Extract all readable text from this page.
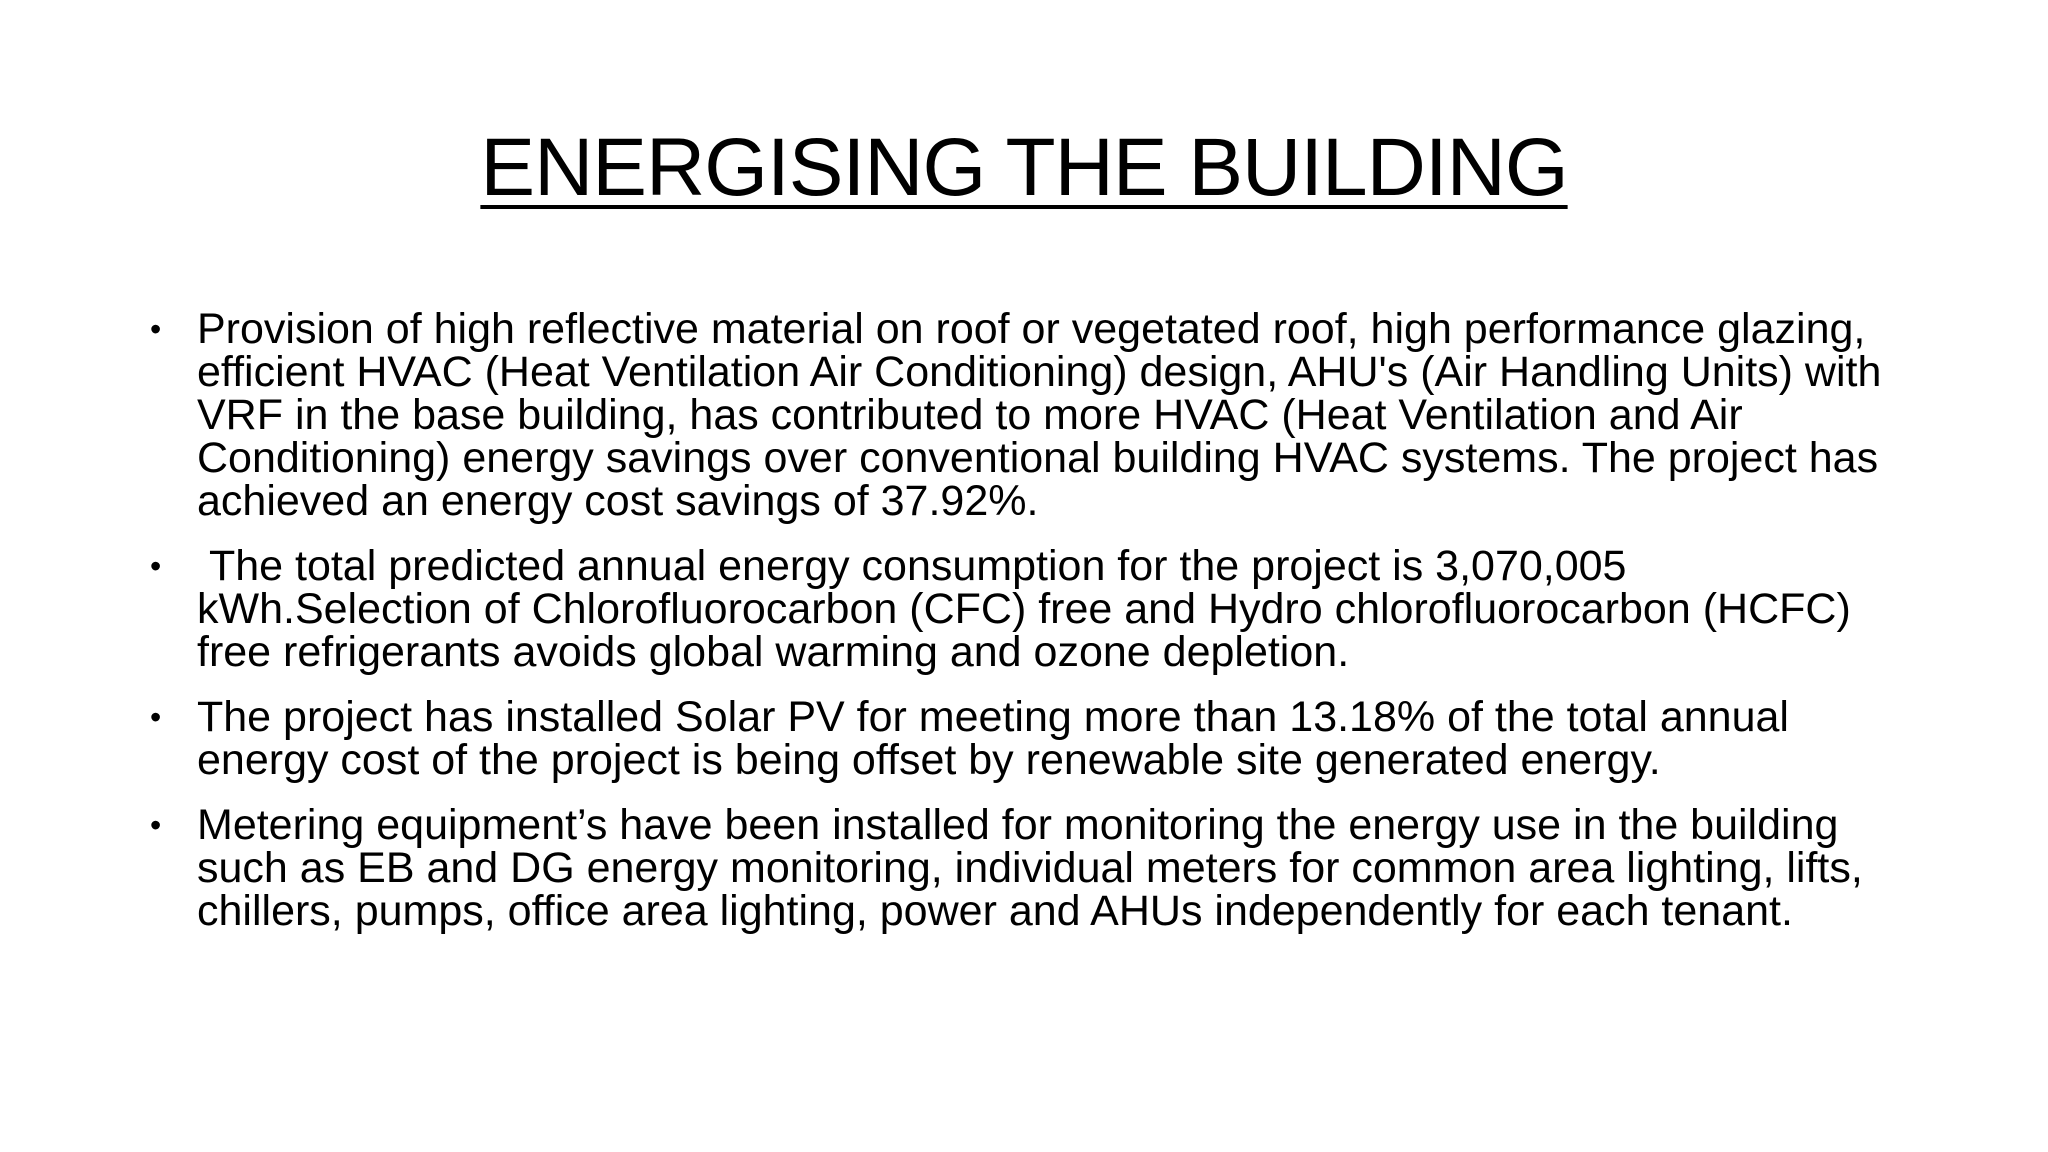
ENERGISING THE BUILDING
• Provision of high reflective material on roof or vegetated roof, high performance glazing, efficient HVAC (Heat Ventilation Air Conditioning) design, AHU's (Air Handling Units) with VRF in the base building, has contributed to more HVAC (Heat Ventilation and Air Conditioning) energy savings over conventional building HVAC systems. The project has achieved an energy cost savings of 37.92%.
• The total predicted annual energy consumption for the project is 3,070,005 kWh.Selection of Chlorofluorocarbon (CFC) free and Hydro chlorofluorocarbon (HCFC) free refrigerants avoids global warming and ozone depletion.
• The project has installed Solar PV for meeting more than 13.18% of the total annual energy cost of the project is being offset by renewable site generated energy.
• Metering equipment’s have been installed for monitoring the energy use in the building such as EB and DG energy monitoring, individual meters for common area lighting, lifts, chillers, pumps, office area lighting, power and AHUs independently for each tenant.
